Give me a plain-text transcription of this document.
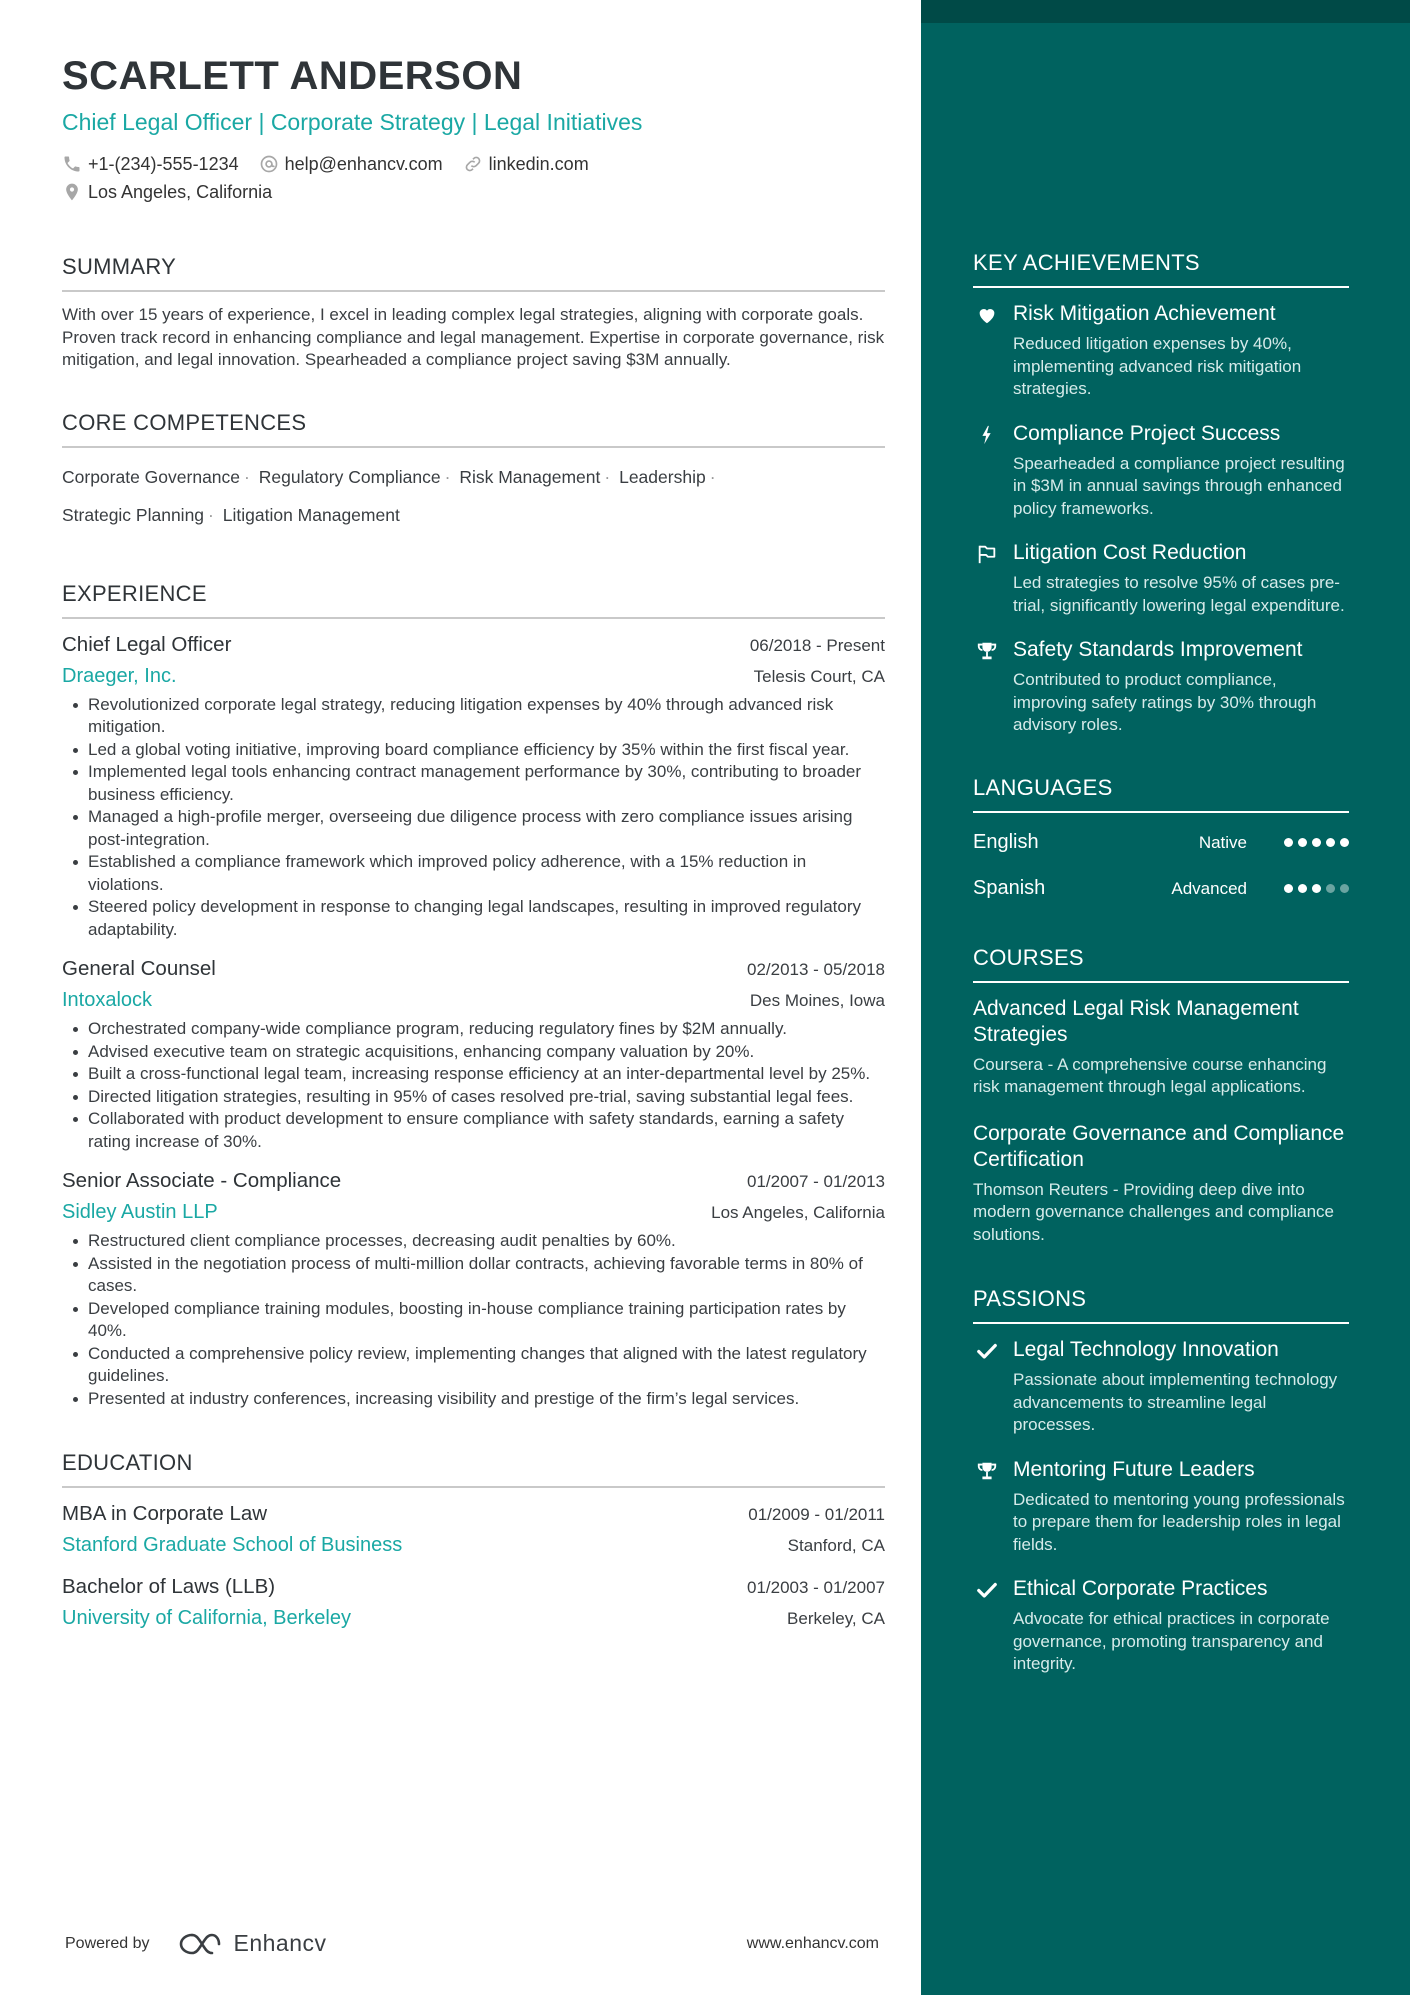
SCARLETT ANDERSON
Chief Legal Officer | Corporate Strategy | Legal Initiatives
+1-(234)-555-1234	help@enhancv.com	linkedin.com
Los Angeles, California
SUMMARY
With over 15 years of experience, I excel in leading complex legal strategies, aligning with corporate goals. Proven track record in enhancing compliance and legal management. Expertise in corporate governance, risk mitigation, and legal innovation. Spearheaded a compliance project saving $3M annually.
CORE COMPETENCES
Corporate Governance · Regulatory Compliance · Risk Management · Leadership ·
Strategic Planning · Litigation Management
EXPERIENCE
Chief Legal Officer	06/2018 - Present
Draeger, Inc.	Telesis Court, CA
Revolutionized corporate legal strategy, reducing litigation expenses by 40% through advanced risk mitigation.
Led a global voting initiative, improving board compliance efficiency by 35% within the first fiscal year.
Implemented legal tools enhancing contract management performance by 30%, contributing to broader business efficiency.
Managed a high-profile merger, overseeing due diligence process with zero compliance issues arising post-integration.
Established a compliance framework which improved policy adherence, with a 15% reduction in violations.
Steered policy development in response to changing legal landscapes, resulting in improved regulatory adaptability.
General Counsel	02/2013 - 05/2018
Intoxalock	Des Moines, Iowa
Orchestrated company-wide compliance program, reducing regulatory fines by $2M annually.
Advised executive team on strategic acquisitions, enhancing company valuation by 20%.
Built a cross-functional legal team, increasing response efficiency at an inter-departmental level by 25%.
Directed litigation strategies, resulting in 95% of cases resolved pre-trial, saving substantial legal fees.
Collaborated with product development to ensure compliance with safety standards, earning a safety rating increase of 30%.
Senior Associate - Compliance	01/2007 - 01/2013
Sidley Austin LLP	Los Angeles, California
Restructured client compliance processes, decreasing audit penalties by 60%.
Assisted in the negotiation process of multi-million dollar contracts, achieving favorable terms in 80% of cases.
Developed compliance training modules, boosting in-house compliance training participation rates by 40%.
Conducted a comprehensive policy review, implementing changes that aligned with the latest regulatory guidelines.
Presented at industry conferences, increasing visibility and prestige of the firm’s legal services.
EDUCATION
MBA in Corporate Law	01/2009 - 01/2011
Stanford Graduate School of Business	Stanford, CA
Bachelor of Laws (LLB)	01/2003 - 01/2007
University of California, Berkeley	Berkeley, CA
Powered by	Enhancv	www.enhancv.com
KEY ACHIEVEMENTS
Risk Mitigation Achievement
Reduced litigation expenses by 40%, implementing advanced risk mitigation strategies.
Compliance Project Success
Spearheaded a compliance project resulting in $3M in annual savings through enhanced policy frameworks.
Litigation Cost Reduction
Led strategies to resolve 95% of cases pre-trial, significantly lowering legal expenditure.
Safety Standards Improvement
Contributed to product compliance, improving safety ratings by 30% through advisory roles.
LANGUAGES
English	Native
Spanish	Advanced
COURSES
Advanced Legal Risk Management Strategies
Coursera - A comprehensive course enhancing risk management through legal applications.
Corporate Governance and Compliance Certification
Thomson Reuters - Providing deep dive into modern governance challenges and compliance solutions.
PASSIONS
Legal Technology Innovation
Passionate about implementing technology advancements to streamline legal processes.
Mentoring Future Leaders
Dedicated to mentoring young professionals to prepare them for leadership roles in legal fields.
Ethical Corporate Practices
Advocate for ethical practices in corporate governance, promoting transparency and integrity.
